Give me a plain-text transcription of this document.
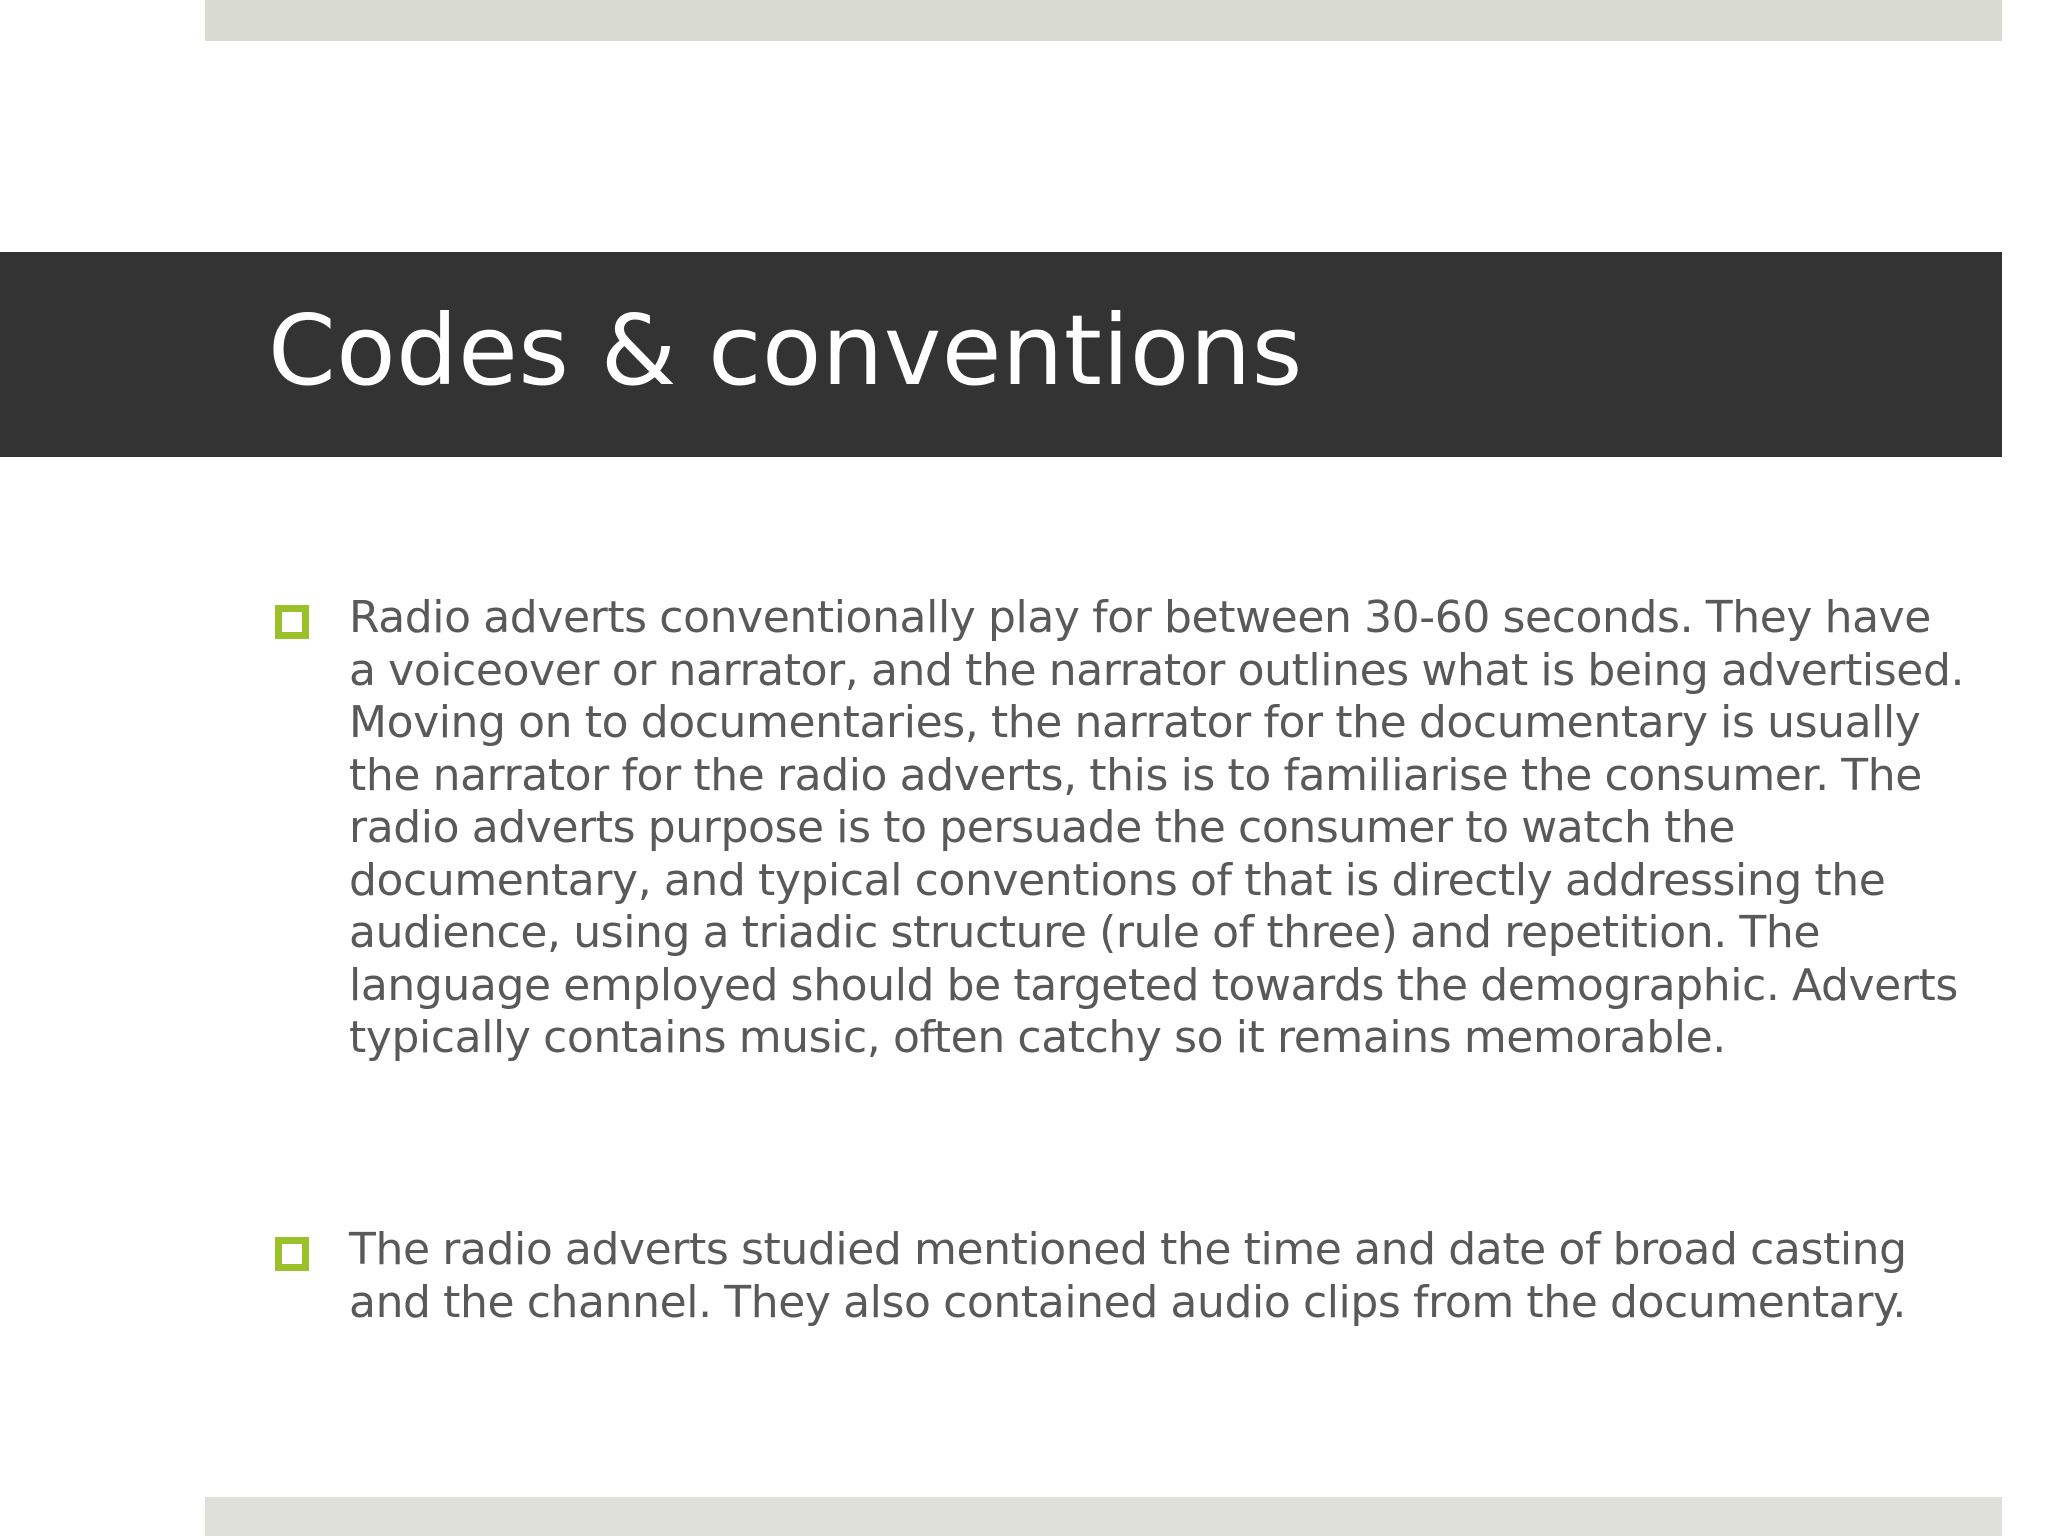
Codes & conventions
Radio adverts conventionally play for between 30-60 seconds. They have a voiceover or narrator, and the narrator outlines what is being advertised. Moving on to documentaries, the narrator for the documentary is usually the narrator for the radio adverts, this is to familiarise the consumer. The radio adverts purpose is to persuade the consumer to watch the documentary, and typical conventions of that is directly addressing the audience, using a triadic structure (rule of three) and repetition. The language employed should be targeted towards the demographic. Adverts typically contains music, often catchy so it remains memorable.
The radio adverts studied mentioned the time and date of broad casting and the channel. They also contained audio clips from the documentary.
